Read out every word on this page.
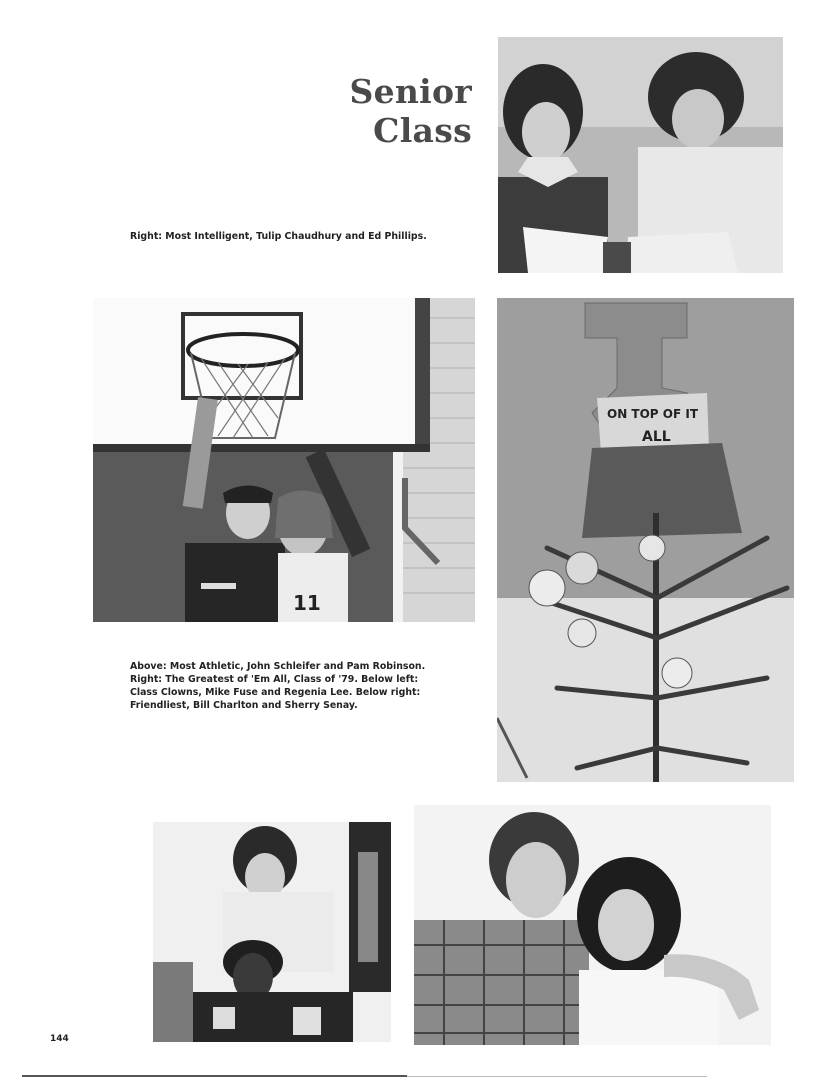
Senior Class
Right: Most Intelligent, Tulip Chaudhury and Ed Phillips.
11
ON TOP OF IT
ALL
Above: Most Athletic, John Schleifer and Pam Robinson.
Right: The Greatest of 'Em All, Class of '79. Below left:
Class Clowns, Mike Fuse and Regenia Lee. Below right:
Friendliest, Bill Charlton and Sherry Senay.
144
